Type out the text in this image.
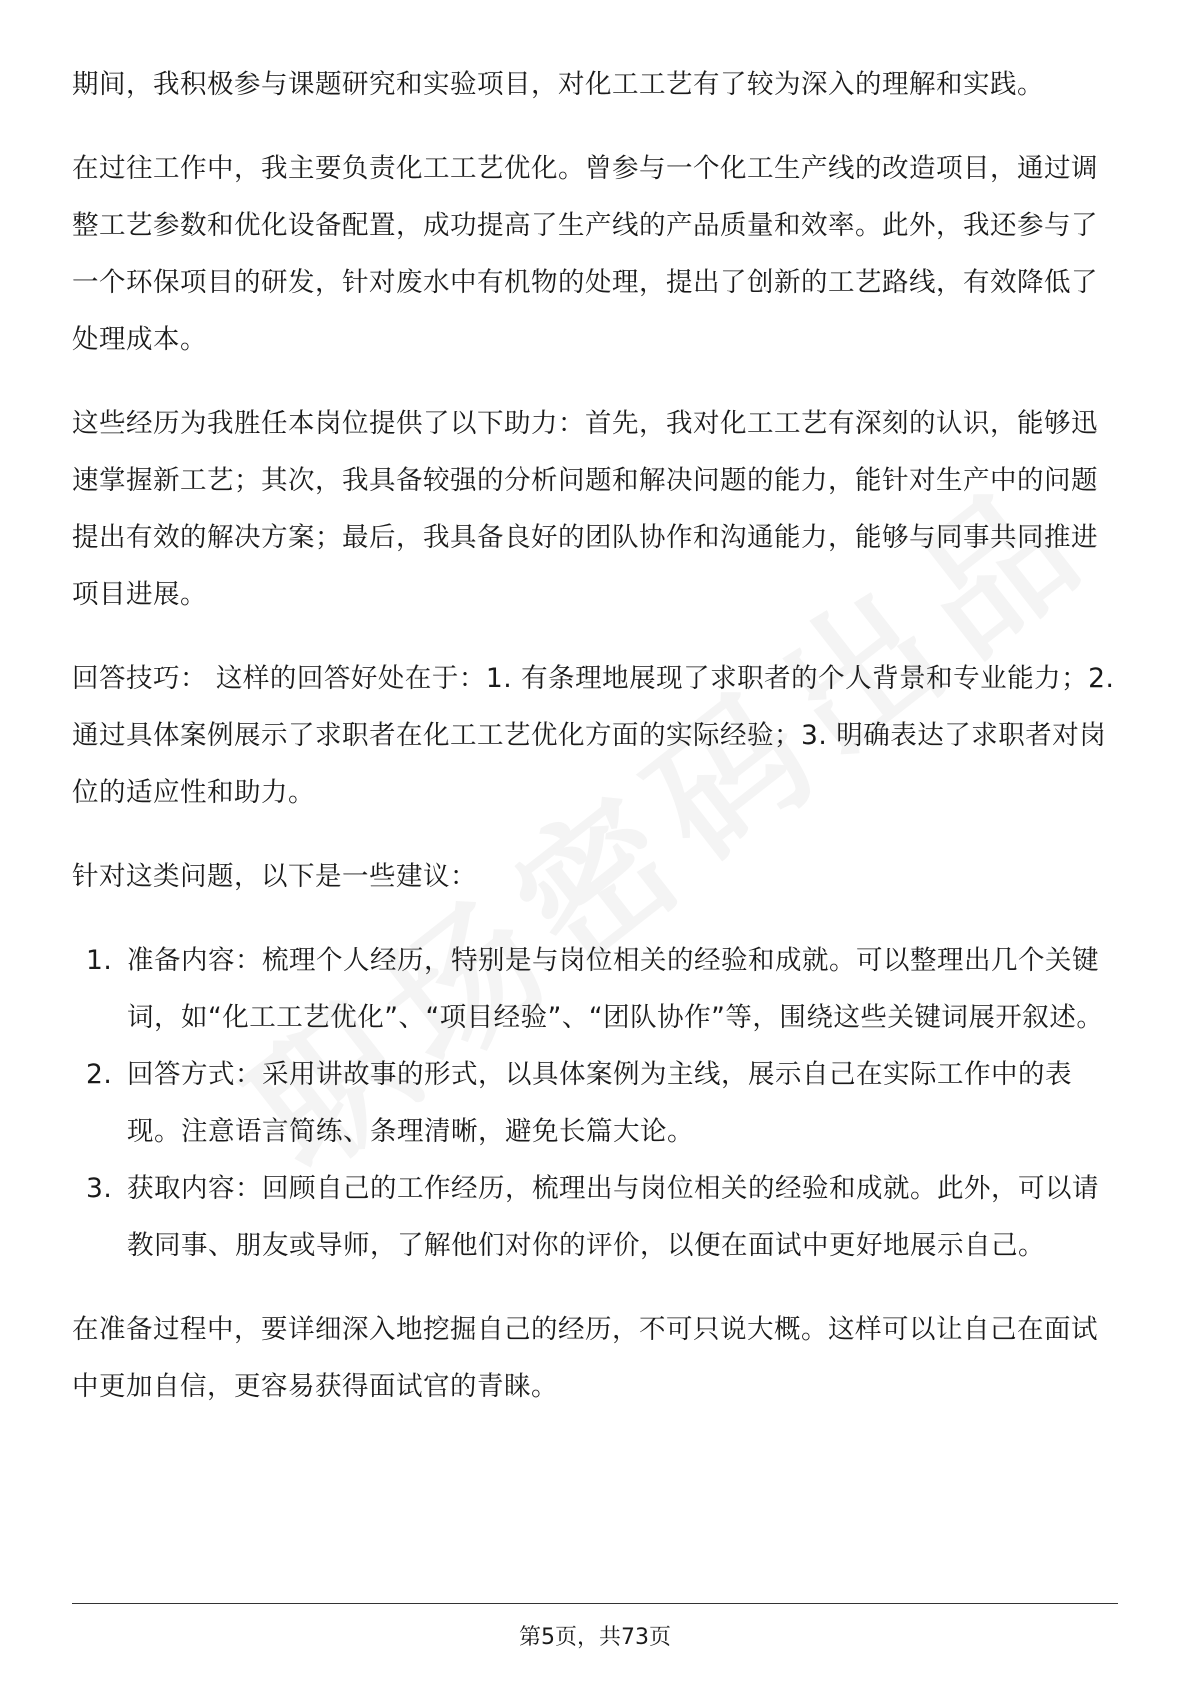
期间，我积极参与课题研究和实验项目，对化工工艺有了较为深入的理解和实践。

在过往工作中，我主要负责化工工艺优化。曾参与一个化工生产线的改造项目，通过调整工艺参数和优化设备配置，成功提高了生产线的产品质量和效率。此外，我还参与了一个环保项目的研发，针对废水中有机物的处理，提出了创新的工艺路线，有效降低了处理成本。

这些经历为我胜任本岗位提供了以下助力：首先，我对化工工艺有深刻的认识，能够迅速掌握新工艺；其次，我具备较强的分析问题和解决问题的能力，能针对生产中的问题提出有效的解决方案；最后，我具备良好的团队协作和沟通能力，能够与同事共同推进项目进展。

回答技巧： 这样的回答好处在于：1. 有条理地展现了求职者的个人背景和专业能力；2. 通过具体案例展示了求职者在化工工艺优化方面的实际经验；3. 明确表达了求职者对岗位的适应性和助力。

针对这类问题，以下是一些建议：

1. 准备内容：梳理个人经历，特别是与岗位相关的经验和成就。可以整理出几个关键词，如“化工工艺优化”、“项目经验”、“团队协作”等，围绕这些关键词展开叙述。
2. 回答方式：采用讲故事的形式，以具体案例为主线，展示自己在实际工作中的表现。注意语言简练、条理清晰，避免长篇大论。
3. 获取内容：回顾自己的工作经历，梳理出与岗位相关的经验和成就。此外，可以请教同事、朋友或导师，了解他们对你的评价，以便在面试中更好地展示自己。

在准备过程中，要详细深入地挖掘自己的经历，不可只说大概。这样可以让自己在面试中更加自信，更容易获得面试官的青睐。

第5页，共73页
